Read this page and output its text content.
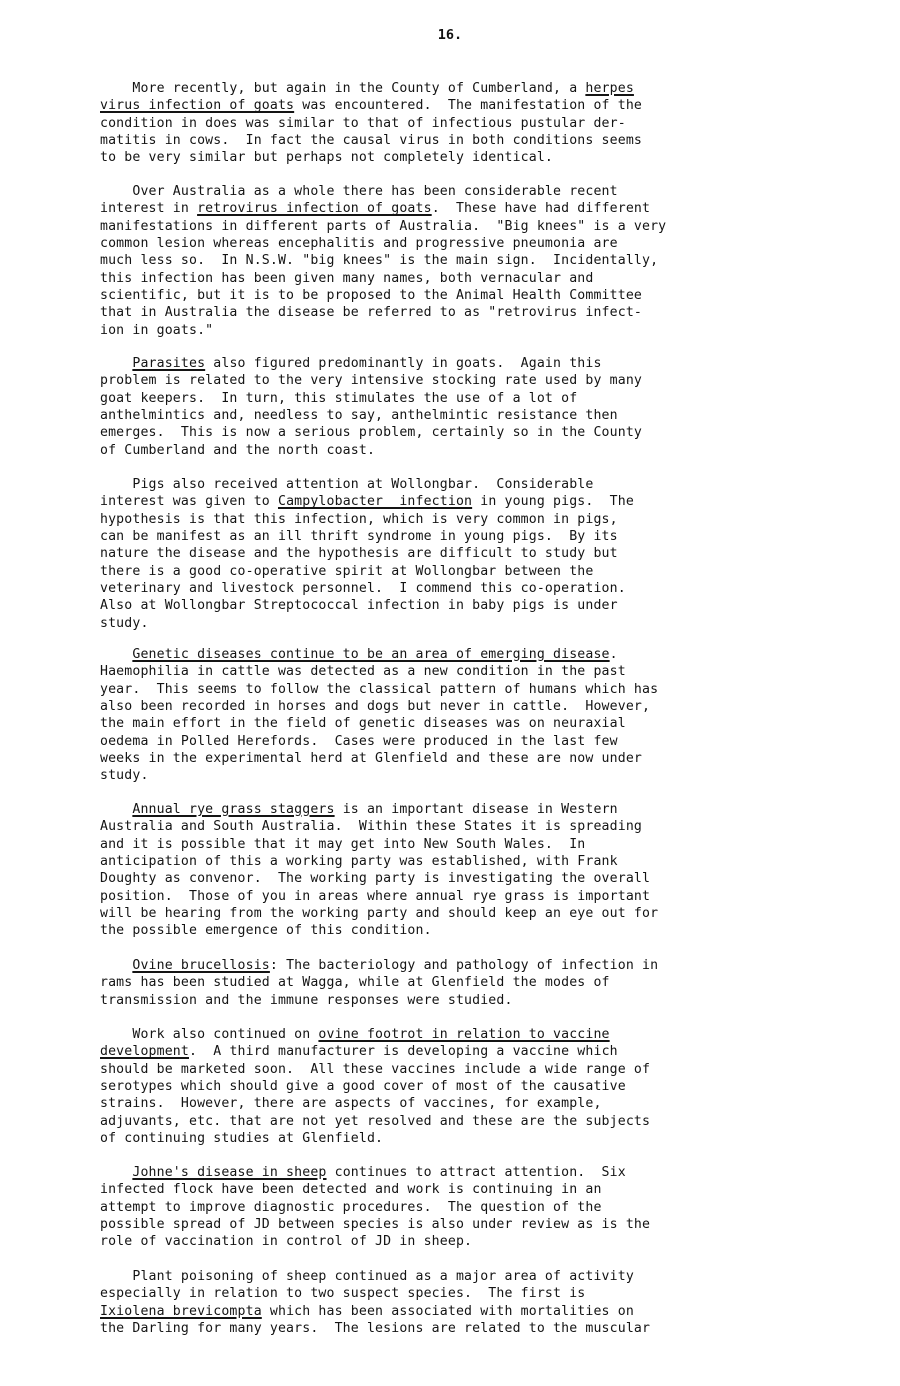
16.
More recently, but again in the County of Cumberland, a herpes
virus infection of goats was encountered.  The manifestation of the
condition in does was similar to that of infectious pustular der-
matitis in cows.  In fact the causal virus in both conditions seems
to be very similar but perhaps not completely identical.
Over Australia as a whole there has been considerable recent
interest in retrovirus infection of goats.  These have had different
manifestations in different parts of Australia.  "Big knees" is a very
common lesion whereas encephalitis and progressive pneumonia are
much less so.  In N.S.W. "big knees" is the main sign.  Incidentally,
this infection has been given many names, both vernacular and
scientific, but it is to be proposed to the Animal Health Committee
that in Australia the disease be referred to as "retrovirus infect-
ion in goats."
Parasites also figured predominantly in goats.  Again this
problem is related to the very intensive stocking rate used by many
goat keepers.  In turn, this stimulates the use of a lot of
anthelmintics and, needless to say, anthelmintic resistance then
emerges.  This is now a serious problem, certainly so in the County
of Cumberland and the north coast.
Pigs also received attention at Wollongbar.  Considerable
interest was given to Campylobacter  infection in young pigs.  The
hypothesis is that this infection, which is very common in pigs,
can be manifest as an ill thrift syndrome in young pigs.  By its
nature the disease and the hypothesis are difficult to study but
there is a good co-operative spirit at Wollongbar between the
veterinary and livestock personnel.  I commend this co-operation.
Also at Wollongbar Streptococcal infection in baby pigs is under
study.
Genetic diseases continue to be an area of emerging disease.
Haemophilia in cattle was detected as a new condition in the past
year.  This seems to follow the classical pattern of humans which has
also been recorded in horses and dogs but never in cattle.  However,
the main effort in the field of genetic diseases was on neuraxial
oedema in Polled Herefords.  Cases were produced in the last few
weeks in the experimental herd at Glenfield and these are now under
study.
Annual rye grass staggers is an important disease in Western
Australia and South Australia.  Within these States it is spreading
and it is possible that it may get into New South Wales.  In
anticipation of this a working party was established, with Frank
Doughty as convenor.  The working party is investigating the overall
position.  Those of you in areas where annual rye grass is important
will be hearing from the working party and should keep an eye out for
the possible emergence of this condition.
Ovine brucellosis: The bacteriology and pathology of infection in
rams has been studied at Wagga, while at Glenfield the modes of
transmission and the immune responses were studied.
Work also continued on ovine footrot in relation to vaccine
development.  A third manufacturer is developing a vaccine which
should be marketed soon.  All these vaccines include a wide range of
serotypes which should give a good cover of most of the causative
strains.  However, there are aspects of vaccines, for example,
adjuvants, etc. that are not yet resolved and these are the subjects
of continuing studies at Glenfield.
Johne's disease in sheep continues to attract attention.  Six
infected flock have been detected and work is continuing in an
attempt to improve diagnostic procedures.  The question of the
possible spread of JD between species is also under review as is the
role of vaccination in control of JD in sheep.
Plant poisoning of sheep continued as a major area of activity
especially in relation to two suspect species.  The first is
Ixiolena brevicompta which has been associated with mortalities on
the Darling for many years.  The lesions are related to the muscular
